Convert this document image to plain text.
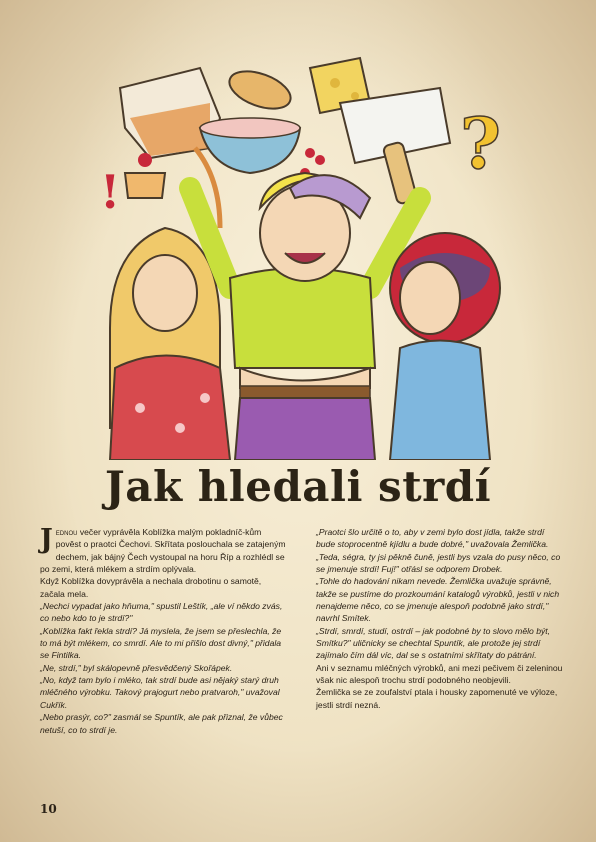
!
?
Jak hledali strdí

Jednou večer vyprávěla Koblížka malým pokladníč-kům pověst o praotci Čechovi. Skřítata poslouchala se zatajeným dechem, jak bájný Čech vystoupal na horu Říp a rozhlédl se po zemi, která mlékem a strdím oplývala.

Když Koblížka dovyprávěla a nechala drobotinu o samotě, začala mela.

„Nechci vypadat jako hňuma," spustil Leštík, „ale ví někdo zvás, co nebo kdo to je strdí?"

„Koblížka fakt řekla strdí? Já myslela, že jsem se přeslechla, že to má být mlékem, co smrdí. Ale to mi přišlo dost divný," přidala se Fintilka.

„Ne, strdí," byl skálopevně přesvědčený Skořápek.

„No, když tam bylo i mléko, tak strdí bude asi nějaký starý druh mléčného výrobku. Takový prajogurt nebo pratvaroh," uvažoval Cukřík.

„Nebo prasýr, co?" zasmál se Spuntík, ale pak přiznal, že vůbec netuší, co to strdí je.

„Praotci šlo určitě o to, aby v zemi bylo dost jídla, takže strdí bude stoprocentně kjídlu a bude dobré," uvažovala Žemlička.

„Teda, ségra, ty jsi pěkně čuně, jestli bys vzala do pusy něco, co se jmenuje strdí! Fuj!" otřásl se odporem Drobek.

„Tohle do hadování nikam nevede. Žemlička uvažuje správně, takže se pustíme do prozkoumání katalogů výrobků, jestli v nich nenajdeme něco, co se jmenuje alespoň podobně jako strdí," navrhl Smítek.

„Strdí, smrdí, studí, ostrdí – jak podobné by to slovo mělo být, Smítku?" uličnicky se chechtal Spuntík, ale protože jej strdí zajímalo čím dál víc, dal se s ostatními skřítaty do pátrání.

Ani v seznamu mléčných výrobků, ani mezi pečivem či zeleninou však nic alespoň trochu strdí podobného neobjevili.

Žemlička se ze zoufalství ptala i housky zapomenuté ve výloze, jestli strdí nezná.

10
